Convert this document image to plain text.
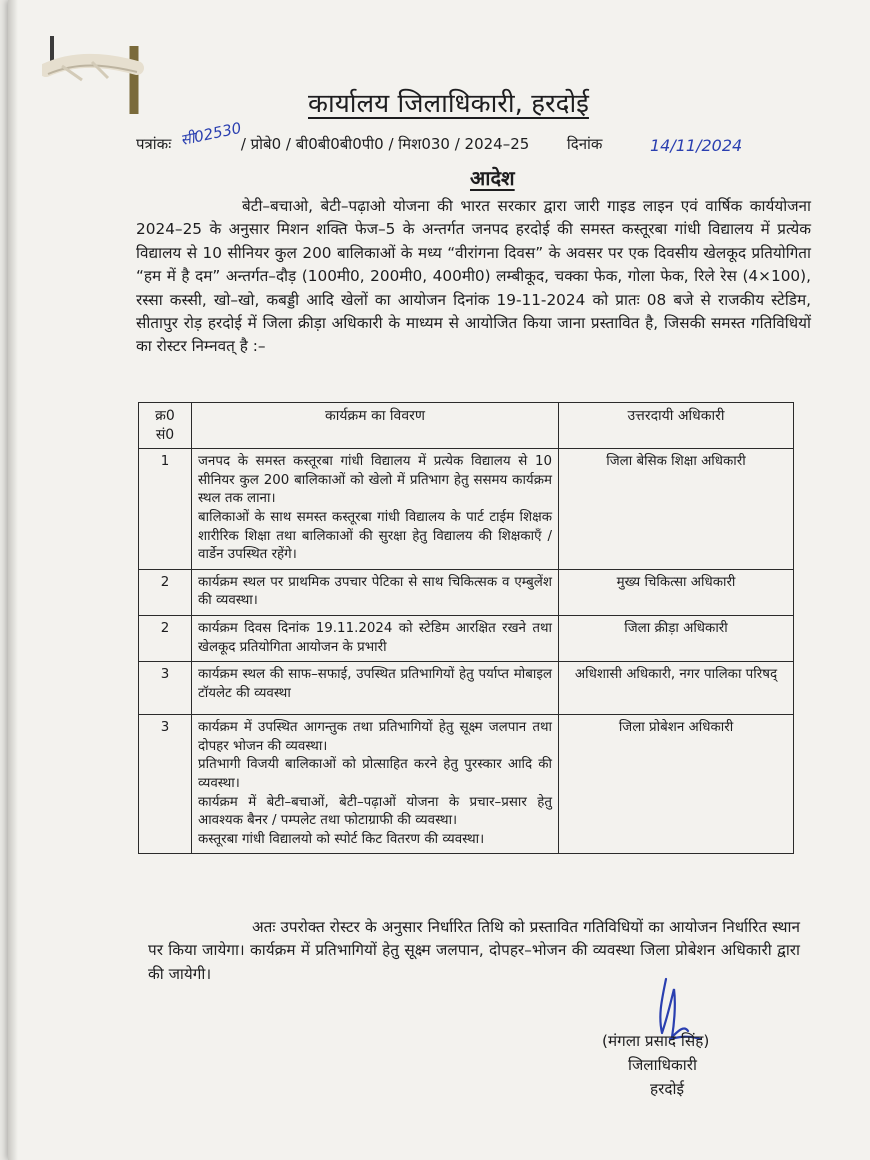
कार्यालय जिलाधिकारी, हरदोई
पत्रांकः	/ प्रोबे0 / बी0बी0बी0पी0 / मिश030 / 2024–25	दिनांक
सी02530	14/11/2024
आदेश

बेटी–बचाओ, बेटी–पढ़ाओ योजना की भारत सरकार द्वारा जारी गाइड लाइन एवं वार्षिक कार्ययोजना 2024–25 के अनुसार मिशन शक्ति फेज–5 के अन्तर्गत जनपद हरदोई की समस्त कस्तूरबा गांधी विद्यालय में प्रत्येक विद्यालय से 10 सीनियर कुल 200 बालिकाओं के मध्य “वीरांगना दिवस” के अवसर पर एक दिवसीय खेलकूद प्रतियोगिता “हम में है दम” अन्तर्गत–दौड़ (100मी0, 200मी0, 400मी0) लम्बीकूद, चक्का फेक, गोला फेक, रिले रेस (4×100), रस्सा कस्सी, खो–खो, कबड्डी आदि खेलों का आयोजन दिनांक 19-11-2024 को प्रातः 08 बजे से राजकीय स्टेडिम, सीतापुर रोड़ हरदोई में जिला क्रीड़ा अधिकारी के माध्यम से आयोजित किया जाना प्रस्तावित है, जिसकी समस्त गतिविधियों का रोस्टर निम्नवत् है :–

क्र0 सं0	कार्यक्रम का विवरण	उत्तरदायी अधिकारी
1	जनपद के समस्त कस्तूरबा गांधी विद्यालय में प्रत्येक विद्यालय से 10 सीनियर कुल 200 बालिकाओं को खेलो में प्रतिभाग हेतु ससमय कार्यक्रम स्थल तक लाना।
बालिकाओं के साथ समस्त कस्तूरबा गांधी विद्यालय के पार्ट टाईम शिक्षक शारीरिक शिक्षा तथा बालिकाओं की सुरक्षा हेतु विद्यालय की शिक्षकाएँ / वार्डेन उपस्थित रहेंगे।	जिला बेसिक शिक्षा अधिकारी
2	कार्यक्रम स्थल पर प्राथमिक उपचार पेटिका से साथ चिकित्सक व एम्बुलेंश की व्यवस्था।	मुख्य चिकित्सा अधिकारी
2	कार्यक्रम दिवस दिनांक 19.11.2024 को स्टेडिम आरक्षित रखने तथा खेलकूद प्रतियोगिता आयोजन के प्रभारी	जिला क्रीड़ा अधिकारी
3	कार्यक्रम स्थल की साफ–सफाई, उपस्थित प्रतिभागियों हेतु पर्याप्त मोबाइल टॉयलेट की व्यवस्था	अधिशासी अधिकारी, नगर पालिका परिषद्
3	कार्यक्रम में उपस्थित आगन्तुक तथा प्रतिभागियों हेतु सूक्ष्म जलपान तथा दोपहर भोजन की व्यवस्था।
प्रतिभागी विजयी बालिकाओं को प्रोत्साहित करने हेतु पुरस्कार आदि की व्यवस्था।
कार्यक्रम में बेटी–बचाओं, बेटी–पढ़ाओं योजना के प्रचार–प्रसार हेतु आवश्यक बैनर / पम्पलेट तथा फोटाग्राफी की व्यवस्था।
कस्तूरबा गांधी विद्यालयो को स्पोर्ट किट वितरण की व्यवस्था।	जिला प्रोबेशन अधिकारी

अतः उपरोक्त रोस्टर के अनुसार निर्धारित तिथि को प्रस्तावित गतिविधियों का आयोजन निर्धारित स्थान पर किया जायेगा। कार्यक्रम में प्रतिभागियों हेतु सूक्ष्म जलपान, दोपहर–भोजन की व्यवस्था जिला प्रोबेशन अधिकारी द्वारा की जायेगी।

(मंगला प्रसाद सिंह)
जिलाधिकारी
हरदोई
